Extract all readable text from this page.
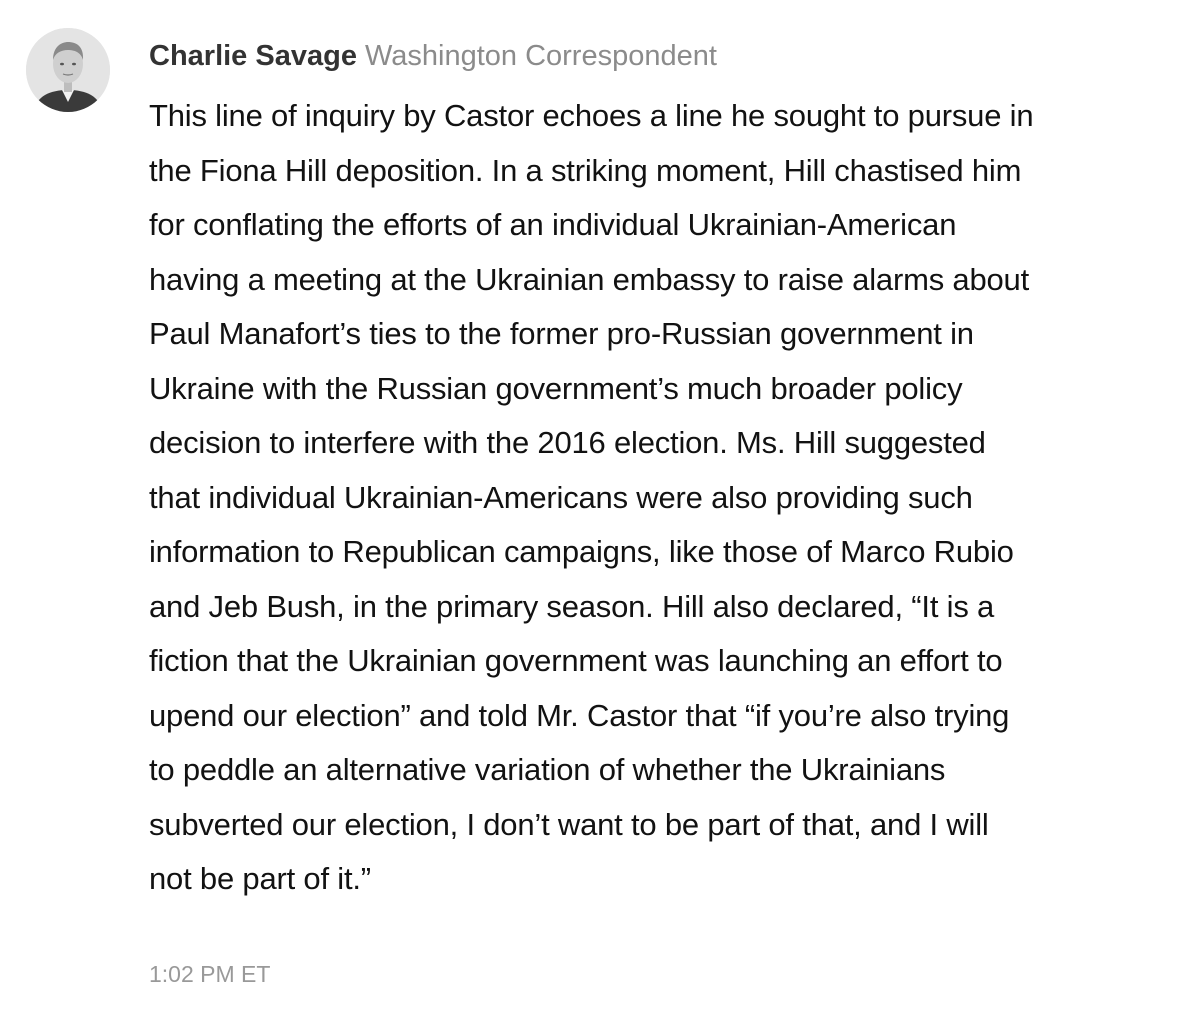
Charlie Savage Washington Correspondent

This line of inquiry by Castor echoes a line he sought to pursue in
the Fiona Hill deposition. In a striking moment, Hill chastised him
for conflating the efforts of an individual Ukrainian-American
having a meeting at the Ukrainian embassy to raise alarms about
Paul Manafort’s ties to the former pro-Russian government in
Ukraine with the Russian government’s much broader policy
decision to interfere with the 2016 election. Ms. Hill suggested
that individual Ukrainian-Americans were also providing such
information to Republican campaigns, like those of Marco Rubio
and Jeb Bush, in the primary season. Hill also declared, “It is a
fiction that the Ukrainian government was launching an effort to
upend our election” and told Mr. Castor that “if you’re also trying
to peddle an alternative variation of whether the Ukrainians
subverted our election, I don’t want to be part of that, and I will
not be part of it.”

1:02 PM ET
